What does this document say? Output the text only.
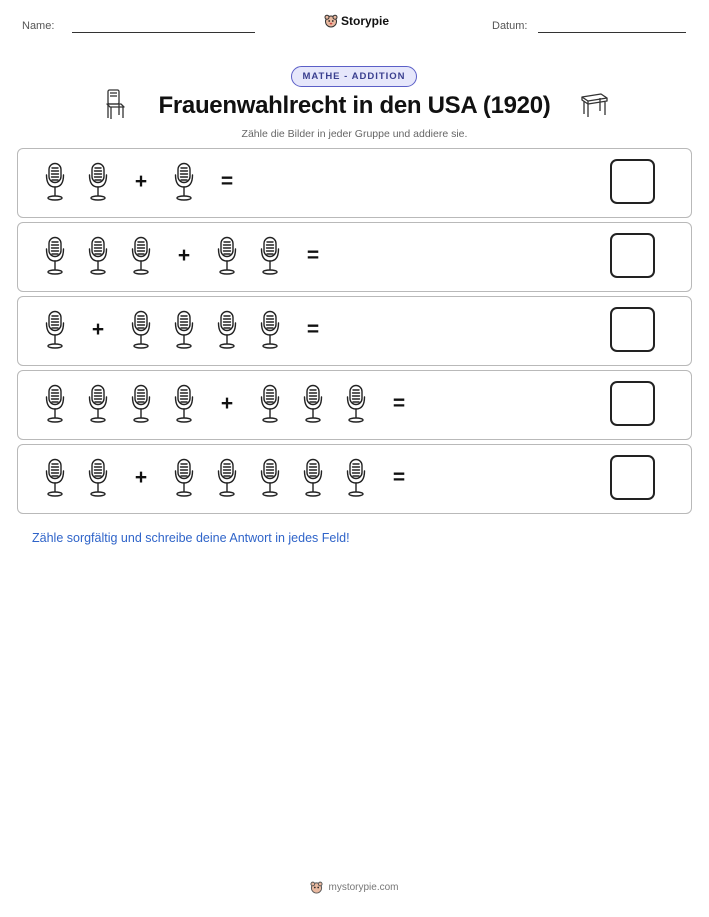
Name:	Storypie	Datum:
MATHE - ADDITION
Frauenwahlrecht in den USA (1920)
Zähle die Bilder in jeder Gruppe und addiere sie.
+	=
+	=
+	=
+	=
+	=
Zähle sorgfältig und schreibe deine Antwort in jedes Feld!
mystorypie.com
